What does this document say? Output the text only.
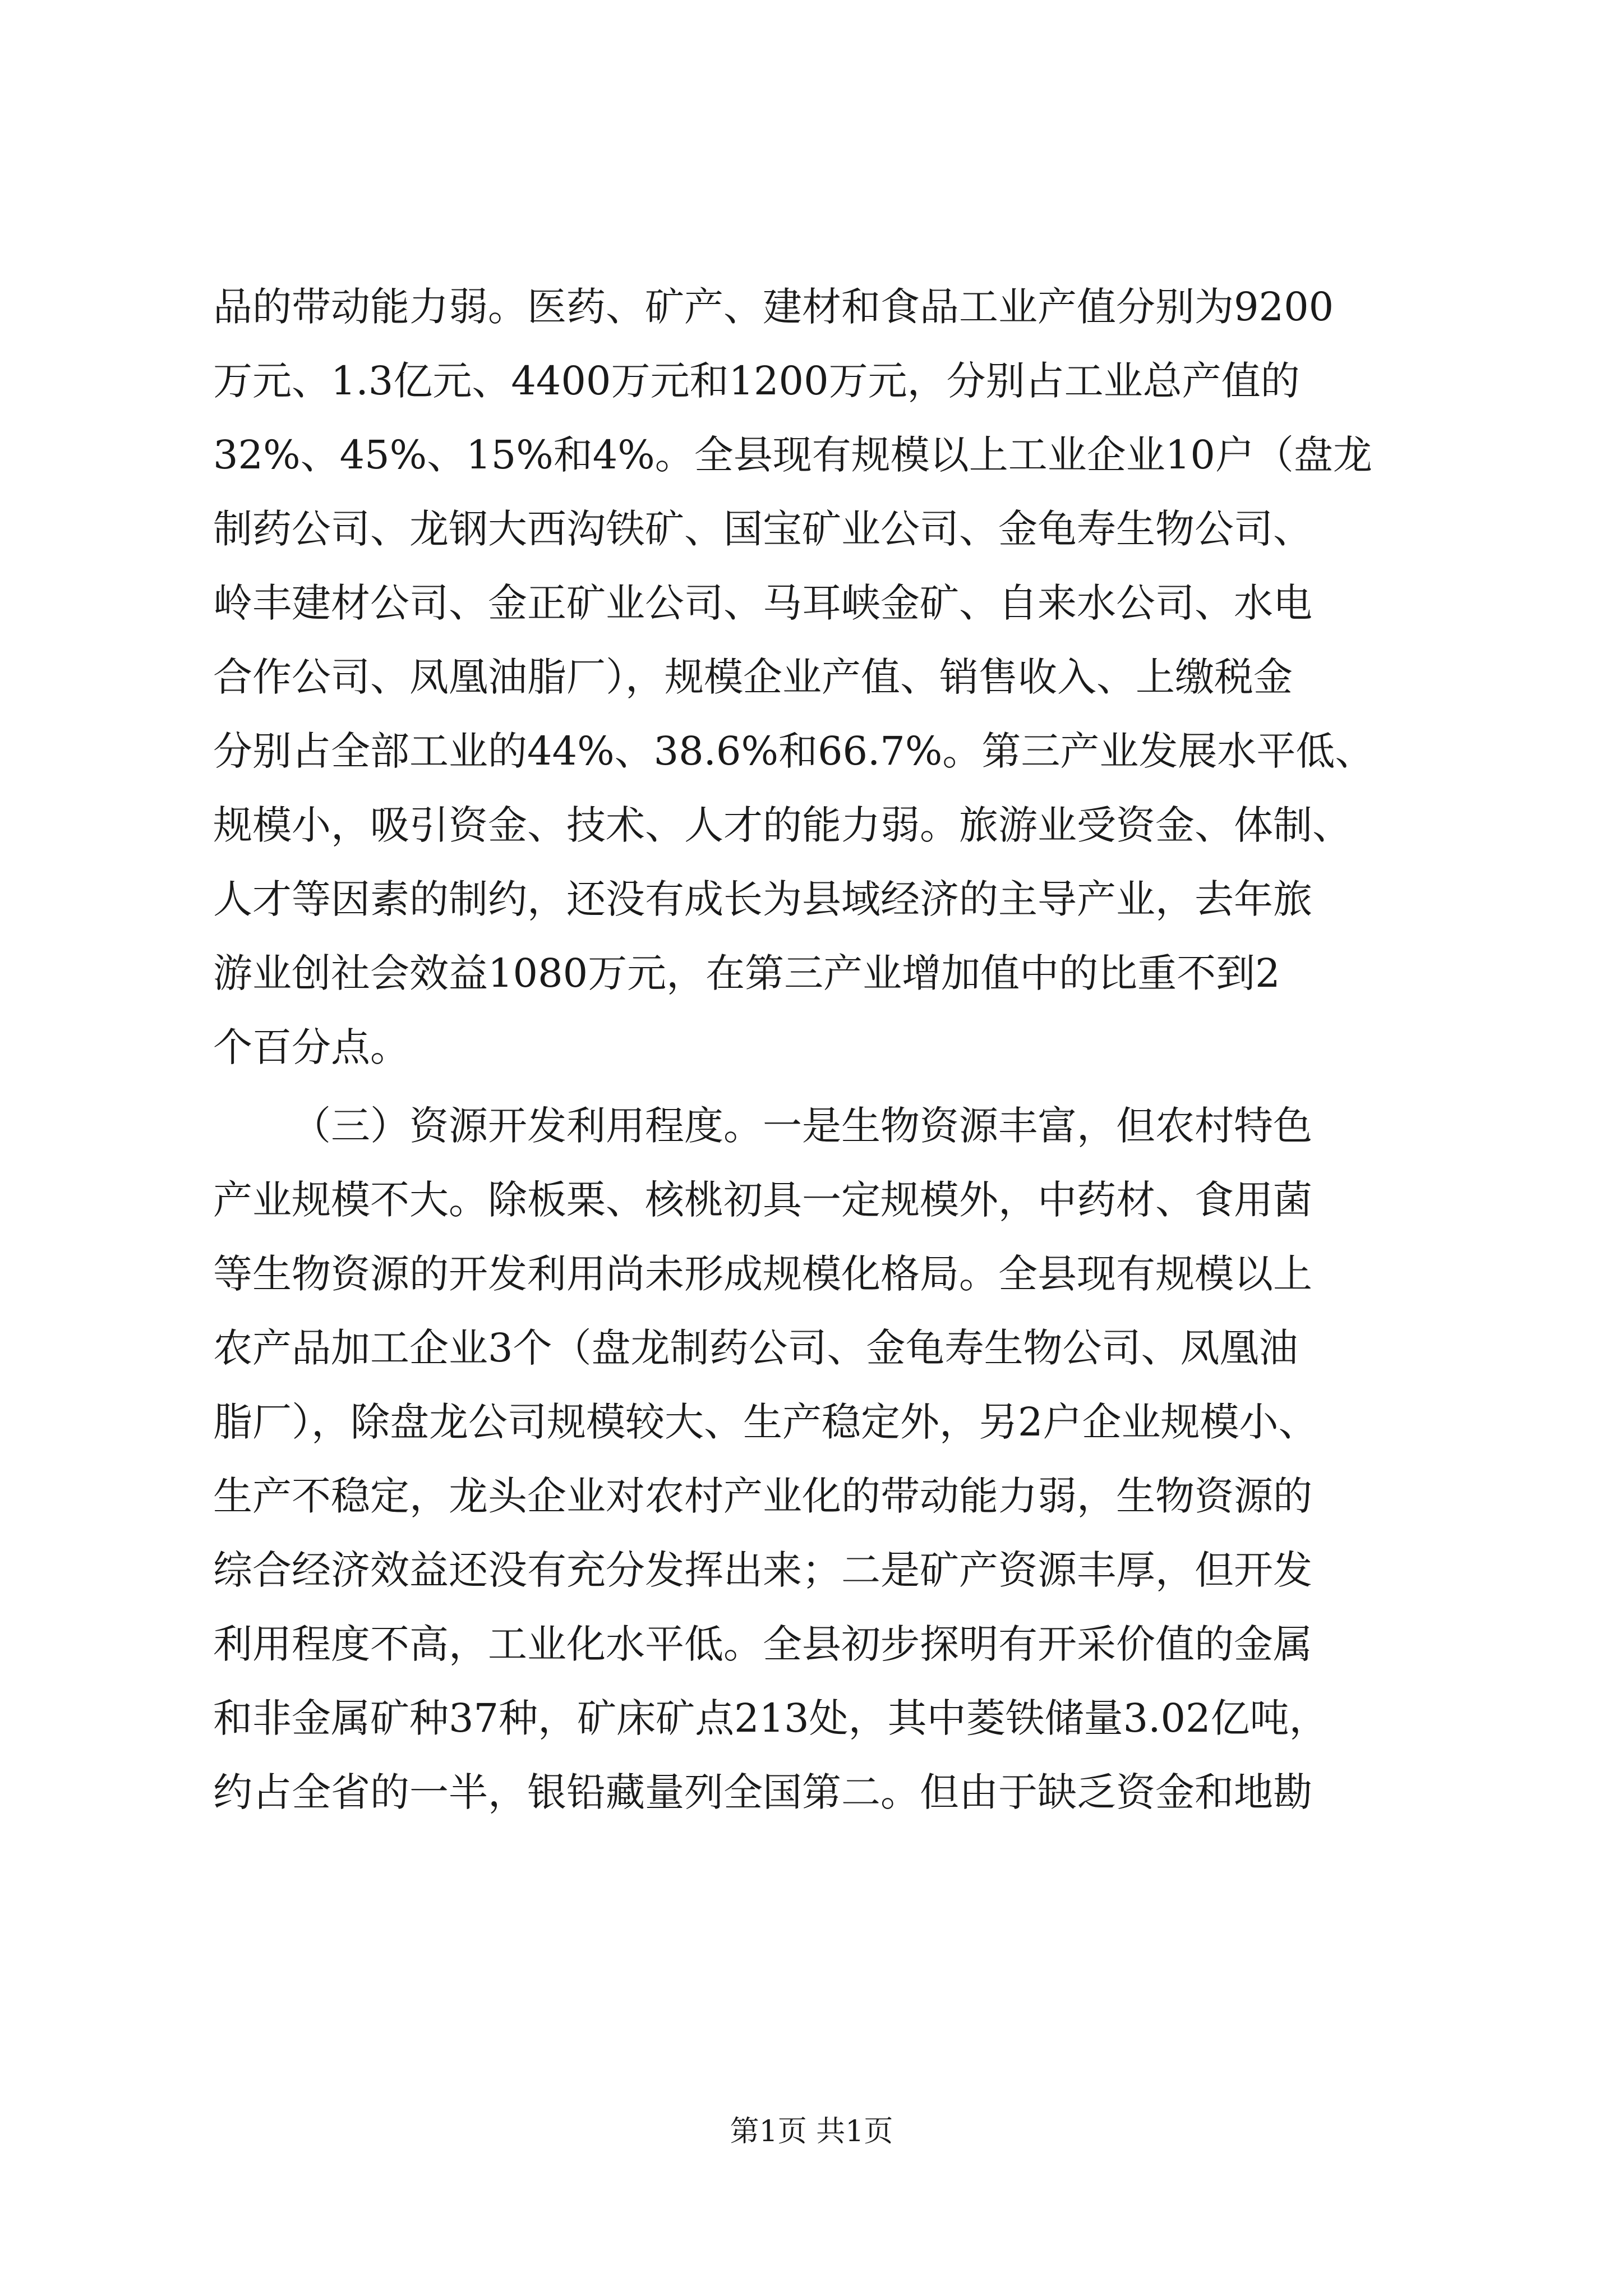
品的带动能力弱。医药、矿产、建材和食品工业产值分别为9200
万元、1.3亿元、4400万元和1200万元，分别占工业总产值的
32%、45%、15%和4%。全县现有规模以上工业企业10户（盘龙
制药公司、龙钢大西沟铁矿、国宝矿业公司、金龟寿生物公司、
岭丰建材公司、金正矿业公司、马耳峡金矿、自来水公司、水电
合作公司、凤凰油脂厂），规模企业产值、销售收入、上缴税金
分别占全部工业的44%、38.6%和66.7%。第三产业发展水平低、
规模小，吸引资金、技术、人才的能力弱。旅游业受资金、体制、
人才等因素的制约，还没有成长为县域经济的主导产业，去年旅
游业创社会效益1080万元，在第三产业增加值中的比重不到2
个百分点。
（三）资源开发利用程度。一是生物资源丰富，但农村特色
产业规模不大。除板栗、核桃初具一定规模外，中药材、食用菌
等生物资源的开发利用尚未形成规模化格局。全县现有规模以上
农产品加工企业3个（盘龙制药公司、金龟寿生物公司、凤凰油
脂厂），除盘龙公司规模较大、生产稳定外，另2户企业规模小、
生产不稳定，龙头企业对农村产业化的带动能力弱，生物资源的
综合经济效益还没有充分发挥出来；二是矿产资源丰厚，但开发
利用程度不高，工业化水平低。全县初步探明有开采价值的金属
和非金属矿种37种，矿床矿点213处，其中菱铁储量3.02亿吨，
约占全省的一半，银铅藏量列全国第二。但由于缺乏资金和地勘
第1页 共1页
